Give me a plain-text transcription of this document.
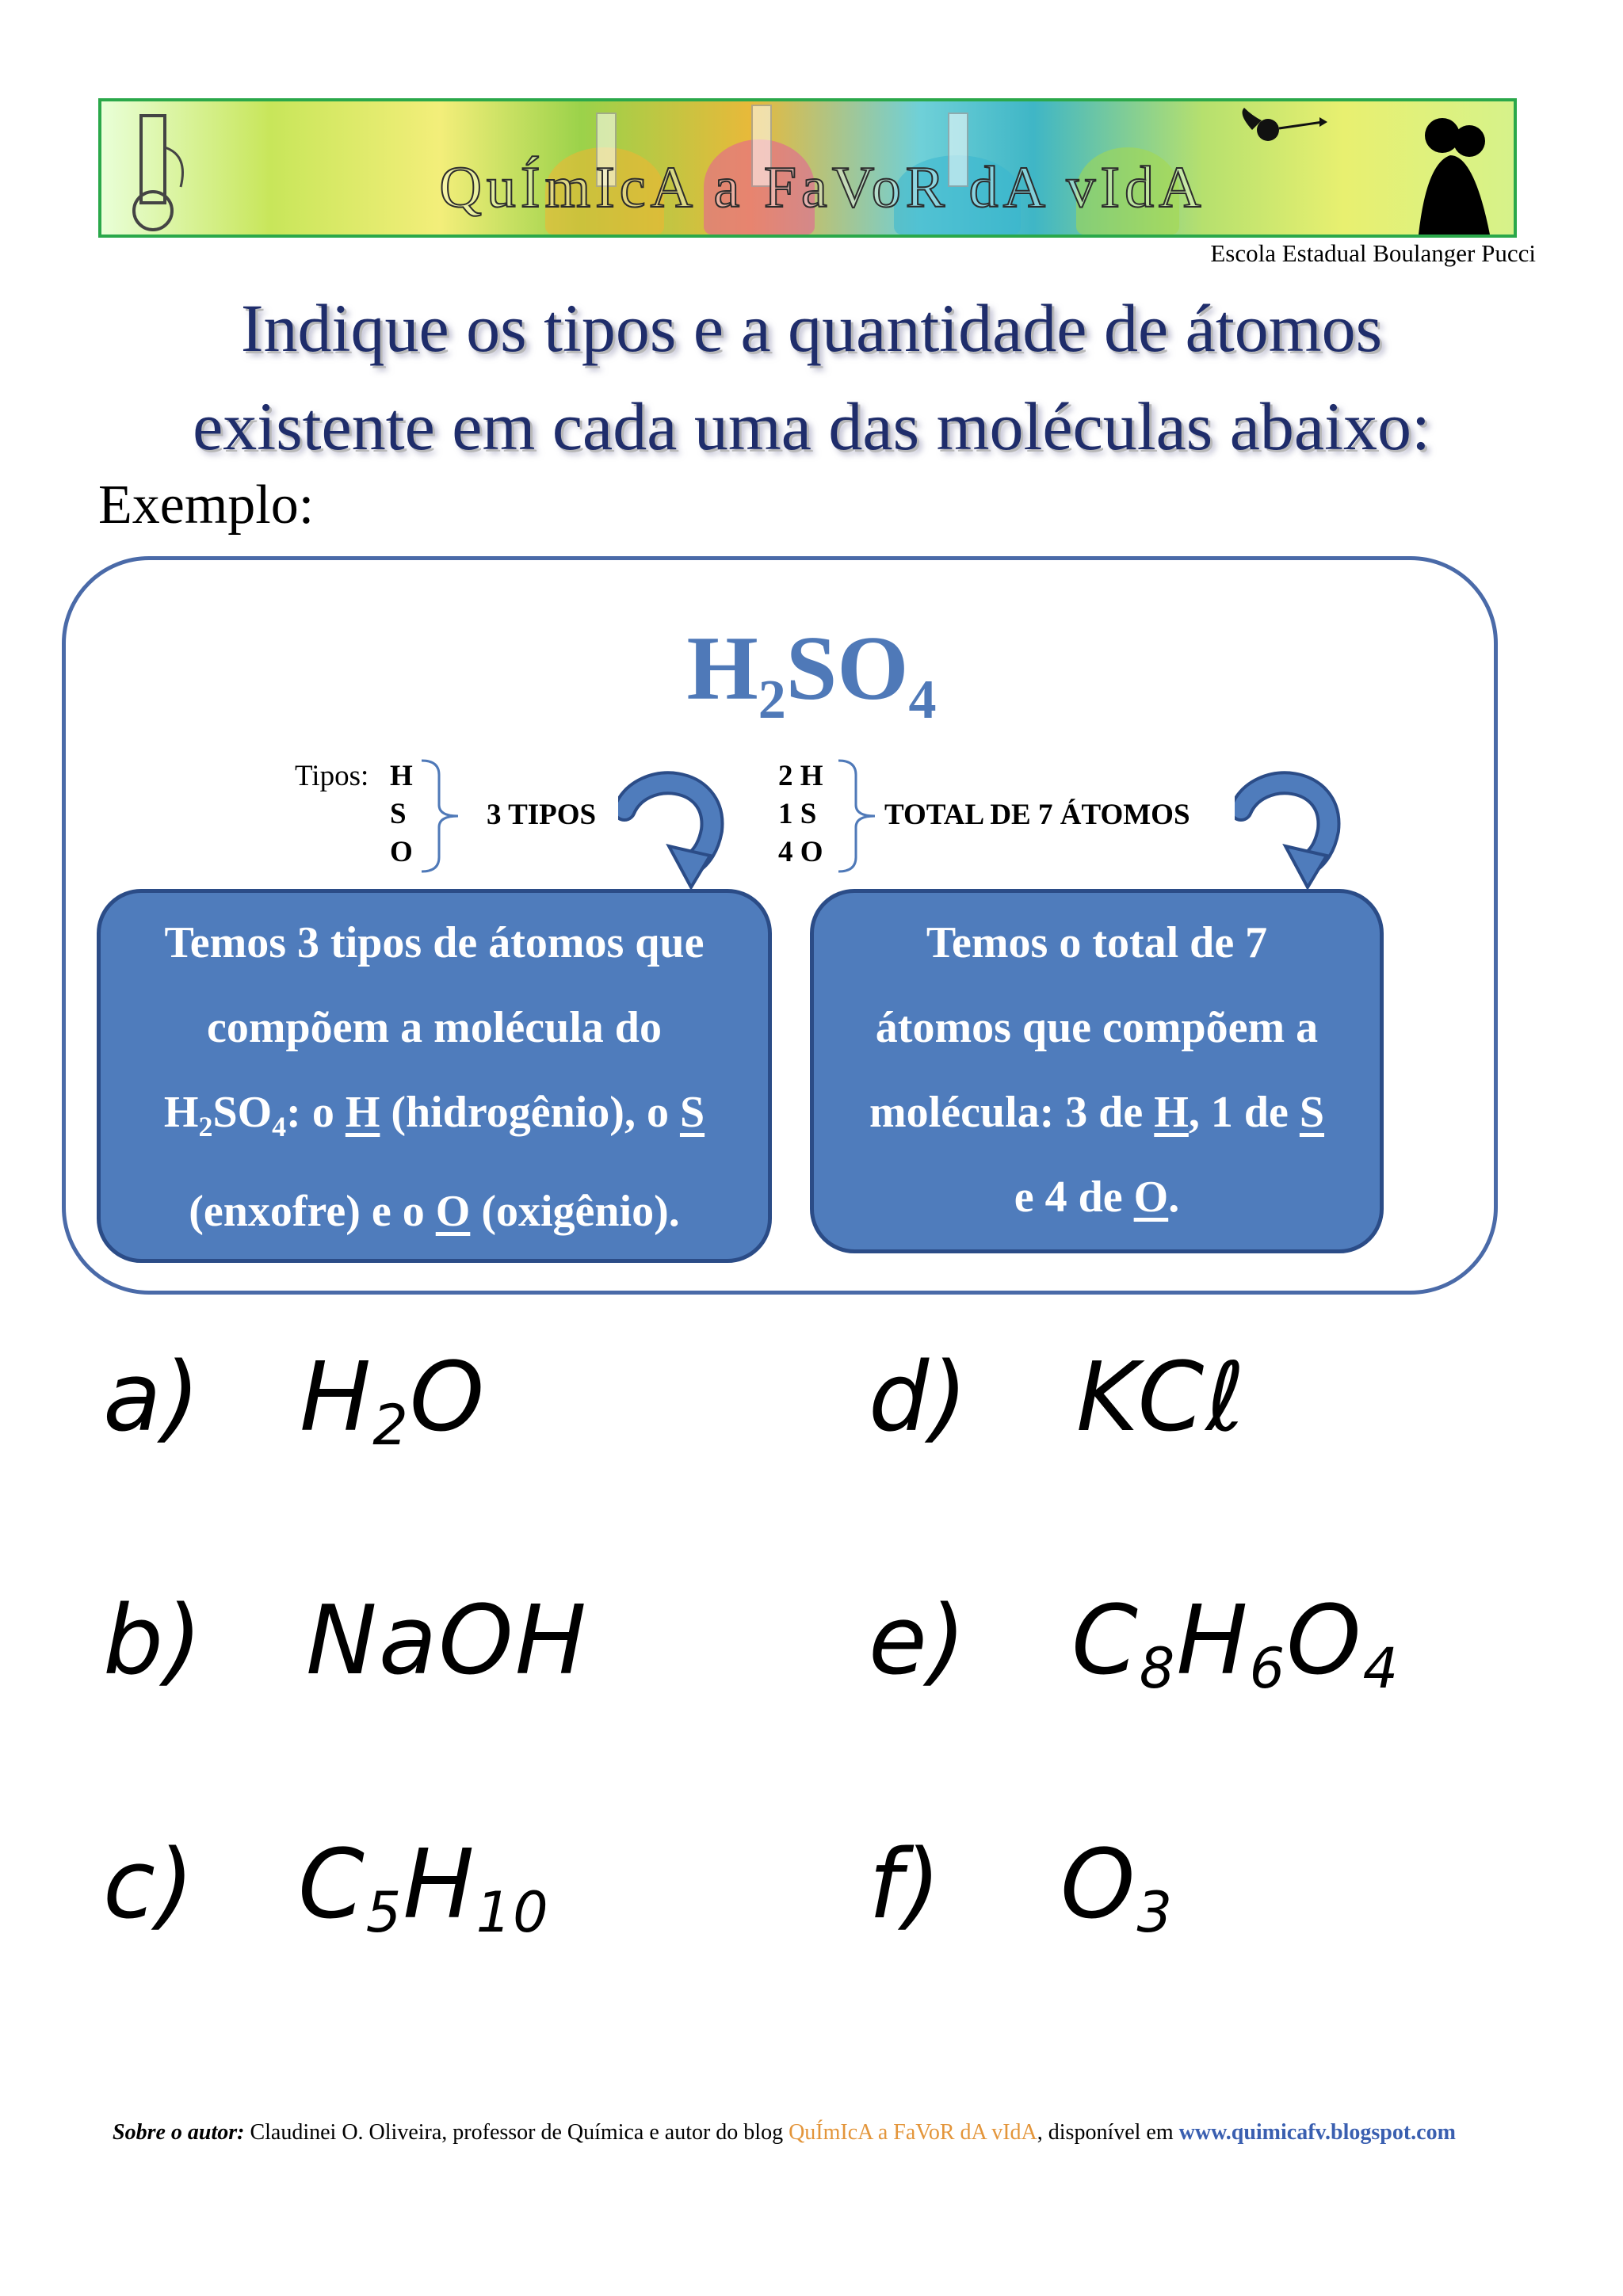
QuÍmIcA a FaVoR dA vIdA
Escola Estadual Boulanger Pucci
Indique os tipos e a quantidade de átomos
existente em cada uma das moléculas abaixo:
Exemplo:
$H_2SO_4$
Tipos: H
S
O
3 TIPOS
2 H
1 S
4 O
TOTAL DE 7 ÁTOMOS
Temos 3 tipos de átomos que
compõem a molécula do
$H_2SO_4$: o H (hidrogênio), o S
(enxofre) e o O (oxigênio).
Temos o total de 7
átomos que compõem a
molécula: 3 de H, 1 de S
e 4 de O.
a) $H_2O$	d) KCℓ
b) NaOH	e) $C_8H_6O_4$
c) $C_5H_{10}$	f) $O_3$
Sobre o autor: Claudinei O. Oliveira, professor de Química e autor do blog QuÍmIcA a FaVoR dA vIdA, disponível em www.quimicafv.blogspot.com
